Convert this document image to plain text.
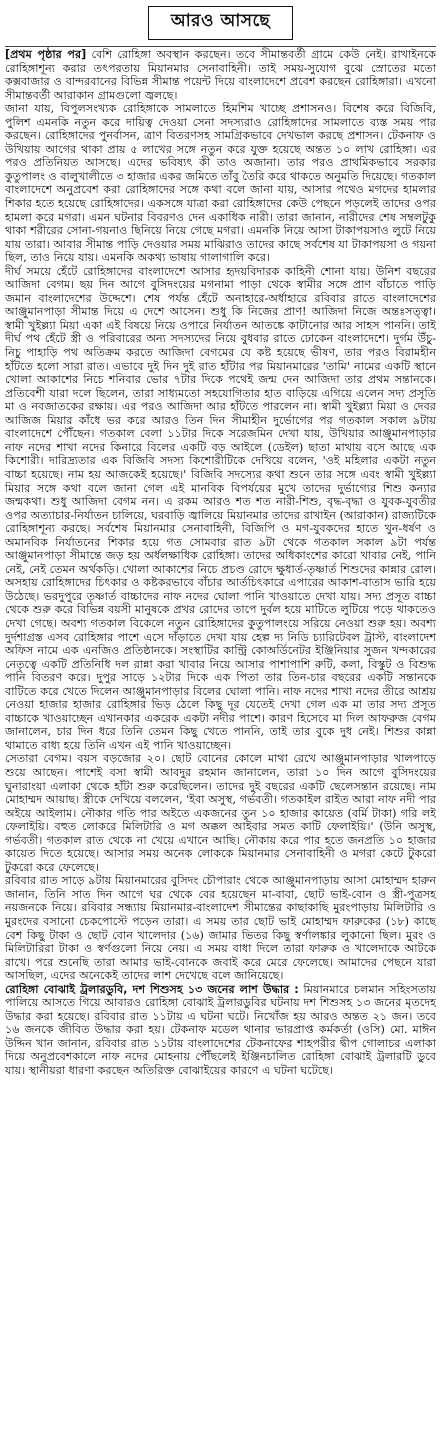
আরও আসছে

[প্রথম পৃষ্ঠার পর] বেশি রোহিঙ্গা অবস্থান করছেন। তবে সীমান্তবর্তী গ্রামে কেউ নেই। রাখাইনকে রোহিঙ্গাশূন্য করার তৎপরতায় মিয়ানমার সেনাবাহিনী। তাই সময়-সুযোগ বুঝে স্রোতের মতো কক্সবাজার ও বান্দরবানের বিভিন্ন সীমান্ত পয়েন্ট দিয়ে বাংলাদেশে প্রবেশ করছেন রোহিঙ্গারা। এখনো সীমান্তবর্তী আরাকান গ্রামগুলো জ্বলছে।

জানা যায়, বিপুলসংখ্যক রোহিঙ্গাকে সামলাতে হিমশিম খাচ্ছে প্রশাসনও। বিশেষ করে বিজিবি, পুলিশ এমনকি নতুন করে দায়িত্ব দেওয়া সেনা সদস্যরাও রোহিঙ্গাদের সামলাতে ব্যস্ত সময় পার করছেন। রোহিঙ্গাদের পুনর্বাসন, ত্রাণ বিতরণসহ সামগ্রিকভাবে দেখভাল করছে প্রশাসন। টেকনাফ ও উখিয়ায় আগের থাকা প্রায় ৫ লাখের সঙ্গে নতুন করে যুক্ত হয়েছে অন্তত ১০ লাখ রোহিঙ্গা। এর পরও প্রতিনিয়ত আসছে। এদের ভবিষ্যৎ কী তাও অজানা। তার পরও প্রাথমিকভাবে সরকার কুতুপালং ও বালুখালীতে ৩ হাজার একর জমিতে তাঁবু তৈরি করে থাকতে অনুমতি দিয়েছে। গতকাল বাংলাদেশে অনুপ্রবেশ করা রোহিঙ্গাদের সঙ্গে কথা বলে জানা যায়, আসার পথেও মগদের হামলার শিকার হতে হয়েছে রোহিঙ্গাদের। একসঙ্গে যাত্রা করা রোহিঙ্গাদের কেউ পেছনে পড়লেই তাদের ওপর হামলা করে মগরা। এমন ঘটনার বিবরণও দেন একাধিক নারী। তারা জানান, নারীদের শেষ সম্বলটুকু থাকা শরীরের সোনা-গয়নাও ছিনিয়ে নিয়ে গেছে মগরা। এমনকি নিয়ে আসা টাকাপয়সাও লুটে নিয়ে যায় তারা। আবার সীমান্ত পাড়ি দেওয়ার সময় মাঝিরাও তাদের কাছে সর্বশেষ যা টাকাপয়সা ও গয়না ছিল, তাও নিয়ে যায়। এমনকি অকথ্য ভাষায় গালাগালি করে।

দীর্ঘ সময়ে হেঁটে রোহিঙ্গাদের বাংলাদেশে আসার হৃদয়বিদারক কাহিনী শোনা যায়। উনিশ বছরের আজিদা বেগম। ছয় দিন আগে বুসিদংয়ের মগনামা পাড়া থেকে স্বামীর সঙ্গে প্রাণ বাঁচাতে পাড়ি জমান বাংলাদেশের উদ্দেশে। শেষ পর্যন্ত হেঁটে অনাহারে-অর্ধাহারে রবিবার রাতে বাংলাদেশের আঞ্জুমানপাড়া সীমান্ত দিয়ে এ দেশে আসেন। শুধু কি নিজের প্রাণ! আজিদা নিজে অন্তঃসত্ত্বা। স্বামী খুইল্ল্যা মিয়া একা এই বিষয়ে নিয়ে ওপারে নির্যাতন আতঙ্কে কাটানোর আর সাহস পাননি। তাই দীর্ঘ পথ হেঁটে স্ত্রী ও পরিবারের অন্য সদস্যদের নিয়ে বুধবার রাতে ঢোকেন বাংলাদেশে। দুর্গম উঁচু-নিচু পাহাড়ি পথ অতিক্রম করতে আজিদা বেগমের যে কষ্ট হয়েছে ভীষণ, তার পরও বিরামহীন হাঁটতে হলো সারা রাত। এভাবে দুই দিন দুই রাত হাঁটার পর মিয়ানমারের 'তামি' নামের একটি স্থানে খোলা আকাশের নিচে শনিবার ভোর ৭টার দিকে পথেই জন্ম দেন আজিদা তার প্রথম সন্তানকে। প্রতিবেশী যারা দলে ছিলেন, তারা সাধ্যমতো সহযোগিতার হাত বাড়িয়ে এগিয়ে এলেন সদ্য প্রসূতি মা ও নবজাতকের রক্ষায়। এর পরও আজিদা আর হাঁটতে পারলেন না। স্বামী খুইল্ল্যা মিয়া ও দেবর আজিজ মিয়ার কাঁধে ভর করে আরও তিন দিন সীমাহীন দুর্ভোগের পর গতকাল সকাল ৯টায় বাংলাদেশে পৌঁছেন। গতকাল বেলা ১১টার দিকে সরেজমিন দেখা যায়, উখিয়ার আঞ্জুমানপাড়ার নাফ নদের শাখা নদের কিনারে বিলের একটি বড় আইলে (ডেইল) ছাতা মাথায় বসে আছে এক কিশোরী। দারিদ্র্যতার এক বিজিবি সদস্য কিশোরীটিকে দেখিয়ে বলেন, 'ওই মহিলার একটা নতুন বাচ্চা হয়েছে। নাম হয় আজকেই হয়েছে।' বিজিবি সদস্যের কথা শুনে তার সঙ্গে এবং স্বামী খুইল্ল্যা মিয়ার সঙ্গে কথা বলে জানা গেল এই মানবিক বিপর্যয়ের মুখে তাদের দুর্ভাগ্যের শিশু কন্যার জন্মকথা। শুধু আজিদা বেগম নন। এ রকম আরও শত শত নারী-শিশু, বৃদ্ধ-বৃদ্ধা ও যুবক-যুবতীর ওপর অত্যাচার-নির্যাতন চালিয়ে, ঘরবাড়ি জ্বালিয়ে মিয়ানমার তাদের রাখাইন (আরাকান) রাজ্যটিকে রোহিঙ্গাশূন্য করছে। সর্বশেষ মিয়ানমার সেনাবাহিনী, বিজিপি ও মগ-যুবকদের হাতে খুন-ধর্ষণ ও অমানবিক নির্যাতনের শিকার হয়ে গত সোমবার রাত ৯টা থেকে গতকাল সকাল ৯টা পর্যন্ত আঞ্জুমানপাড়া সীমান্তে জড় হয় অর্ধলক্ষাধিক রোহিঙ্গা। তাদের অধিকাংশের কারো খাবার নেই, পানি নেই, নেই তেমন অর্থকড়ি। খোলা আকাশের নিচে প্রচণ্ড রোদে ক্ষুধার্ত-তৃষ্ণার্ত শিশুদের কান্নার রোল। অসহায় রোহিঙ্গাদের চিৎকার ও কষ্টকরভাবে বাঁচার আর্তচিৎকারে এপারের আকাশ-বাতাস ভারি হয়ে উঠেছে। ভরদুপুরে তৃষ্ণার্ত বাচ্চাদের নাফ নদের ঘোলা পানি খাওয়াতে দেখা যায়। সদ্য প্রসূত বাচ্চা থেকে শুরু করে বিভিন্ন বয়সী মানুষকে প্রখর রোদের তাপে দুর্বল হয়ে মাটিতে লুটিয়ে পড়ে থাকতেও দেখা গেছে। অবশ্য গতকাল বিকেলে নতুন রোহিঙ্গাদের কুতুপালংয়ে সরিয়ে নেওয়া শুরু হয়। অবশ্য দুর্দশাগ্রস্ত এসব রোহিঙ্গার পাশে এসে দাঁড়াতে দেখা যায় হেল্প দ্য নিডি চ্যারিটেবল ট্রাস্ট, বাংলাদেশ অফিস নামে এক এনজিও প্রতিষ্ঠানকে। সংস্থাটির কান্ট্রি কোঅর্ডিনেটর ইঞ্জিনিয়ার সুজন খন্দকারের নেতৃত্বে একটি প্রতিনিধি দল রান্না করা খাবার নিয়ে আসার পাশাপাশি রুটি, কলা, বিস্কুট ও বিশুদ্ধ পানি বিতরণ করে। দুপুর সাড়ে ১২টার দিকে এক পিতা তার তিন-চার বছরের একটি সন্তানকে বাটিতে করে খেতে দিলেন আঞ্জুমানপাড়ার বিলের ঘোলা পানি। নাফ নদের শাখা নদের তীরে আশ্রয় নেওয়া হাজার হাজার রোহিঙ্গার ভিড় ঠেলে কিছু দূর যেতেই দেখা গেল এক মা তার সদ্য প্রসূত বাচ্চাকে খাওয়াচ্ছেন এখানকার একরেক একটা নদীর পাশে। কারণ হিসেবে মা দিল আফরুজ বেগম জানালেন, চার দিন ধরে তিনি তেমন কিছু খেতে পাননি, তাই তার বুকে দুধ নেই। শিশুর কান্না থামাতে বাধ্য হয়ে তিনি এখন এই পানি খাওয়াচ্ছেন।

সেতারা বেগম। বয়স বড়জোর ২০। ছোট বোনের কোলে মাথা রেখে আঞ্জুমানপাড়ার খালপাড়ে শুয়ে আছেন। পাশেই বসা স্বামী আবদুর রহমান জানালেন, তারা ১০ দিন আগে বুসিদংয়ের ঘুনারাংয়া এলাকা থেকে হাঁটা শুরু করেছিলেন। তাদের দুই বছরের একটি ছেলেসন্তান রয়েছে। নাম মোহাম্মদ আয়াছ। স্ত্রীকে দেখিয়ে বললেন, 'ইবা অসুস্থ, গর্ভবতী। গতকাইল রাইত আরা নাফ নদী পার অইয়ে আইলাম। নৌকার গতি পার অইতে একজনের তুন ১০ হাজার কায়েত (বর্মি টাকা) গরি লই ফেলাইয়ি। বহুত লোকরে মিলিটারি ও মগ অক্কল আইবার সমত কাটি ফেলাইয়ি।' (উনি অসুস্থ, গর্ভবতী। গতকাল রাত থেকে না খেয়ে এখানে আছি। নৌকায় করে পার হতে জনপ্রতি ১০ হাজার কায়েত দিতে হয়েছে। আসার সময় অনেক লোককে মিয়ানমার সেনাবাহিনী ও মগরা কেটে টুকরো টুকরো করে ফেলেছে।

রবিবার রাত সাড়ে ৯টায় মিয়ানমারের বুসিদং চৌপারাং থেকে আঞ্জুমানপাড়ায় আসা মোহাম্মদ হারুন জানান, তিনি সাত দিন আগে ঘর থেকে বের হয়েছেন মা-বাবা, ছোট ভাই-বোন ও স্ত্রী-পুত্রসহ নয়জনকে নিয়ে। রবিবার সন্ধ্যায় মিয়ানমার-বাংলাদেশ সীমান্তের কাছাকাছি মুরংপাড়ায় মিলিটারি ও মুরংদের বসানো চেকপোস্টে পড়েন তারা। এ সময় তার ছোট ভাই মোহাম্মদ ফারুকের (১৮) কাছে বেশ কিছু টাকা ও ছোট বোন খালেদার (১৬) জামার ভিতর কিছু স্বর্ণালঙ্কার লুকানো ছিল। মুরং ও মিলিটারিরা টাকা ও স্বর্ণগুলো নিয়ে নেয়। এ সময় বাধা দিলে তারা ফারুক ও খালেদাকে আটকে রাখে। পরে শুনেছি তারা আমার ভাই-বোনকে জবাই করে মেরে ফেলেছে। আমাদের পেছনে যারা আসছিল, এদের অনেকেই তাদের লাশ দেখেছে বলে জানিয়েছে।

রোহিঙ্গা বোঝাই ট্রলারডুবি, দশ শিশুসহ ১৩ জনের লাশ উদ্ধার : মিয়ানমারে চলমান সহিংসতায় পালিয়ে আসতে গিয়ে আবারও রোহিঙ্গা বোঝাই ট্রলারডুবির ঘটনায় দশ শিশুসহ ১৩ জনের মৃতদেহ উদ্ধার করা হয়েছে। রবিবার রাত ১১টায় এ ঘটনা ঘটে। নিখোঁজ হয় আরও অন্তত ২১ জন। তবে ১৬ জনকে জীবিত উদ্ধার করা হয়। টেকনাফ মডেল থানার ভারপ্রাপ্ত কর্মকর্তা (ওসি) মো. মাঈন উদ্দিন খান জানান, রবিবার রাত ১১টায় বাংলাদেশের টেকনাফের শাহপরীর দ্বীপ গোলাচর এলাকা দিয়ে অনুপ্রবেশকালে নাফ নদের মোহনায় পৌঁছলেই ইঞ্জিনচালিত রোহিঙ্গা বোঝাই ট্রলারটি ডুবে যায়। স্থানীয়রা ধারণা করছেন অতিরিক্ত বোঝাইয়ের কারণে এ ঘটনা ঘটেছে।
